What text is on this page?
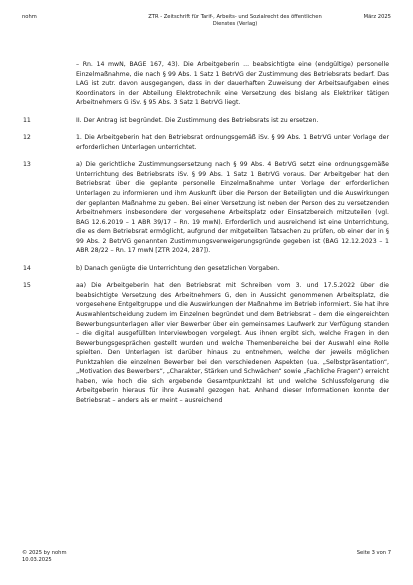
nohm	ZTR - Zeitschrift für Tarif-, Arbeits- und Sozialrecht des öffentlichen
Dienstes (Verlag)
März 2025
– Rn. 14 mwN, BAGE 167, 43). Die Arbeitgeberin ... beabsichtigte eine (endgültige) personelle Einzelmaßnahme, die nach § 99 Abs. 1 Satz 1 BetrVG der Zustimmung des Betriebsrats bedarf. Das LAG ist zutr. davon ausgegangen, dass in der dauerhaften Zuweisung der Arbeitsaufgaben eines Koordinators in der Abteilung Elektrotechnik eine Versetzung des bislang als Elektriker tätigen Arbeitnehmers G iSv. § 95 Abs. 3 Satz 1 BetrVG liegt.
11	II. Der Antrag ist begründet. Die Zustimmung des Betriebsrats ist zu ersetzen.
12	1. Die Arbeitgeberin hat den Betriebsrat ordnungsgemäß iSv. § 99 Abs. 1 BetrVG unter Vorlage der erforderlichen Unterlagen unterrichtet.
13	a) Die gerichtliche Zustimmungsersetzung nach § 99 Abs. 4 BetrVG setzt eine ordnungsgemäße Unterrichtung des Betriebsrats iSv. § 99 Abs. 1 Satz 1 BetrVG voraus. Der Arbeitgeber hat den Betriebsrat über die geplante personelle Einzelmaßnahme unter Vorlage der erforderlichen Unterlagen zu informieren und ihm Auskunft über die Person der Beteiligten und die Auswirkungen der geplanten Maßnahme zu geben. Bei einer Versetzung ist neben der Person des zu versetzenden Arbeitnehmers insbesondere der vorgesehene Arbeitsplatz oder Einsatzbereich mitzuteilen (vgl. BAG 12.6.2019 – 1 ABR 39/17 – Rn. 19 mwN). Erforderlich und ausreichend ist eine Unterrichtung, die es dem Betriebsrat ermöglicht, aufgrund der mitgeteilten Tatsachen zu prüfen, ob einer der in § 99 Abs. 2 BetrVG genannten Zustimmungsverweigerungsgründe gegeben ist (BAG 12.12.2023 – 1 ABR 28/22 – Rn. 17 mwN [ZTR 2024, 287]).
14	b) Danach genügte die Unterrichtung den gesetzlichen Vorgaben.
15	aa) Die Arbeitgeberin hat den Betriebsrat mit Schreiben vom 3. und 17.5.2022 über die beabsichtigte Versetzung des Arbeitnehmers G, den in Aussicht genommenen Arbeitsplatz, die vorgesehene Entgeltgruppe und die Auswirkungen der Maßnahme im Betrieb informiert. Sie hat ihre Auswahlentscheidung zudem im Einzelnen begründet und dem Betriebsrat – dem die eingereichten Bewerbungsunterlagen aller vier Bewerber über ein gemeinsames Laufwerk zur Verfügung standen – die digital ausgefüllten Interviewbogen vorgelegt. Aus ihnen ergibt sich, welche Fragen in den Bewerbungsgesprächen gestellt wurden und welche Themenbereiche bei der Auswahl eine Rolle spielten. Den Unterlagen ist darüber hinaus zu entnehmen, welche der jeweils möglichen Punktzahlen die einzelnen Bewerber bei den verschiedenen Aspekten (ua. „Selbstpräsentation“, „Motivation des Bewerbers“, „Charakter, Stärken und Schwächen“ sowie „Fachliche Fragen“) erreicht haben, wie hoch die sich ergebende Gesamtpunktzahl ist und welche Schlussfolgerung die Arbeitgeberin hieraus für ihre Auswahl gezogen hat. Anhand dieser Informationen konnte der Betriebsrat – anders als er meint – ausreichend
© 2025 by nohm
10.03.2025
Seite 3 von 7
